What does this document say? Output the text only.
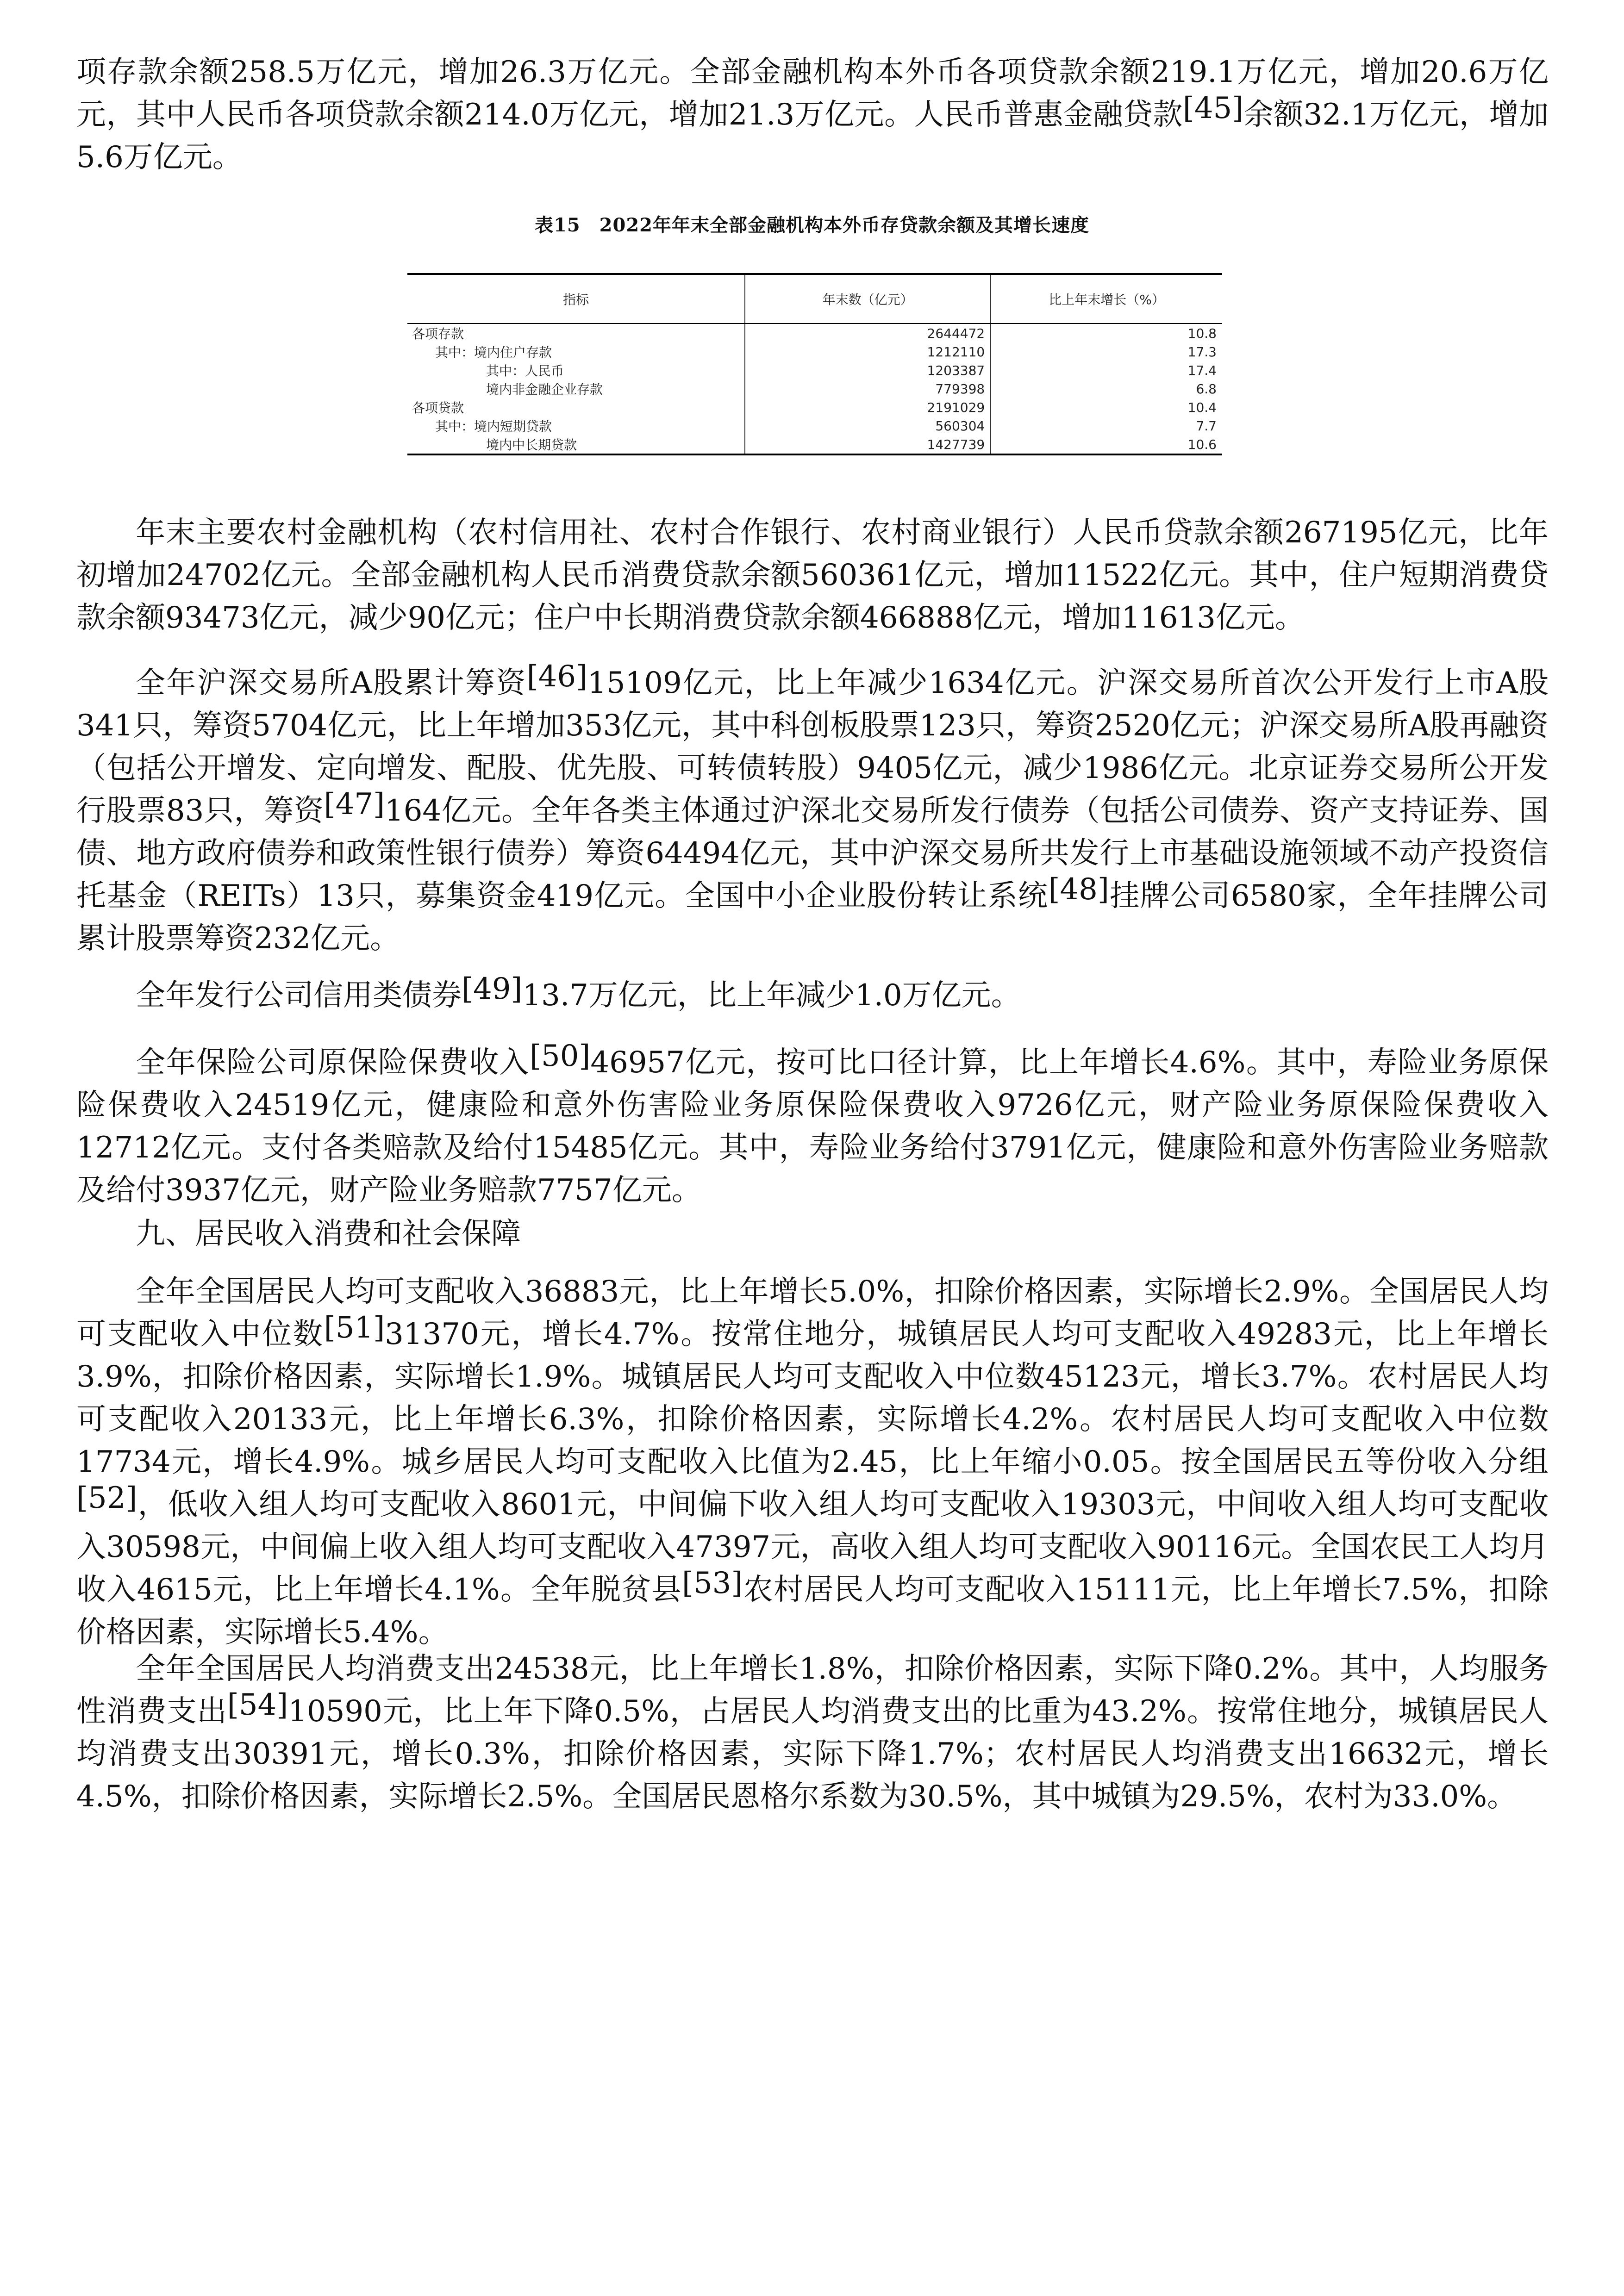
项存款余额258.5万亿元，增加26.3万亿元。全部金融机构本外币各项贷款余额219.1万亿元，增加20.6万亿元，其中人民币各项贷款余额214.0万亿元，增加21.3万亿元。人民币普惠金融贷款[45]余额32.1万亿元，增加5.6万亿元。

表15　2022年年末全部金融机构本外币存贷款余额及其增长速度
指标	年末数（亿元）	比上年末增长（%）
各项存款	2644472	10.8
其中：境内住户存款	1212110	17.3
其中：人民币	1203387	17.4
境内非金融企业存款	779398	6.8
各项贷款	2191029	10.4
其中：境内短期贷款	560304	7.7
境内中长期贷款	1427739	10.6

年末主要农村金融机构（农村信用社、农村合作银行、农村商业银行）人民币贷款余额267195亿元，比年初增加24702亿元。全部金融机构人民币消费贷款余额560361亿元，增加11522亿元。其中，住户短期消费贷款余额93473亿元，减少90亿元；住户中长期消费贷款余额466888亿元，增加11613亿元。

全年沪深交易所A股累计筹资[46]15109亿元，比上年减少1634亿元。沪深交易所首次公开发行上市A股341只，筹资5704亿元，比上年增加353亿元，其中科创板股票123只，筹资2520亿元；沪深交易所A股再融资（包括公开增发、定向增发、配股、优先股、可转债转股）9405亿元，减少1986亿元。北京证券交易所公开发行股票83只，筹资[47]164亿元。全年各类主体通过沪深北交易所发行债券（包括公司债券、资产支持证券、国债、地方政府债券和政策性银行债券）筹资64494亿元，其中沪深交易所共发行上市基础设施领域不动产投资信托基金（REITs）13只，募集资金419亿元。全国中小企业股份转让系统[48]挂牌公司6580家，全年挂牌公司累计股票筹资232亿元。

全年发行公司信用类债券[49]13.7万亿元，比上年减少1.0万亿元。

全年保险公司原保险保费收入[50]46957亿元，按可比口径计算，比上年增长4.6%。其中，寿险业务原保险保费收入24519亿元，健康险和意外伤害险业务原保险保费收入9726亿元，财产险业务原保险保费收入12712亿元。支付各类赔款及给付15485亿元。其中，寿险业务给付3791亿元，健康险和意外伤害险业务赔款及给付3937亿元，财产险业务赔款7757亿元。

九、居民收入消费和社会保障

全年全国居民人均可支配收入36883元，比上年增长5.0%，扣除价格因素，实际增长2.9%。全国居民人均可支配收入中位数[51]31370元，增长4.7%。按常住地分，城镇居民人均可支配收入49283元，比上年增长3.9%，扣除价格因素，实际增长1.9%。城镇居民人均可支配收入中位数45123元，增长3.7%。农村居民人均可支配收入20133元，比上年增长6.3%，扣除价格因素，实际增长4.2%。农村居民人均可支配收入中位数17734元，增长4.9%。城乡居民人均可支配收入比值为2.45，比上年缩小0.05。按全国居民五等份收入分组[52]，低收入组人均可支配收入8601元，中间偏下收入组人均可支配收入19303元，中间收入组人均可支配收入30598元，中间偏上收入组人均可支配收入47397元，高收入组人均可支配收入90116元。全国农民工人均月收入4615元，比上年增长4.1%。全年脱贫县[53]农村居民人均可支配收入15111元，比上年增长7.5%，扣除价格因素，实际增长5.4%。

全年全国居民人均消费支出24538元，比上年增长1.8%，扣除价格因素，实际下降0.2%。其中，人均服务性消费支出[54]10590元，比上年下降0.5%，占居民人均消费支出的比重为43.2%。按常住地分，城镇居民人均消费支出30391元，增长0.3%，扣除价格因素，实际下降1.7%；农村居民人均消费支出16632元，增长4.5%，扣除价格因素，实际增长2.5%。全国居民恩格尔系数为30.5%，其中城镇为29.5%，农村为33.0%。
